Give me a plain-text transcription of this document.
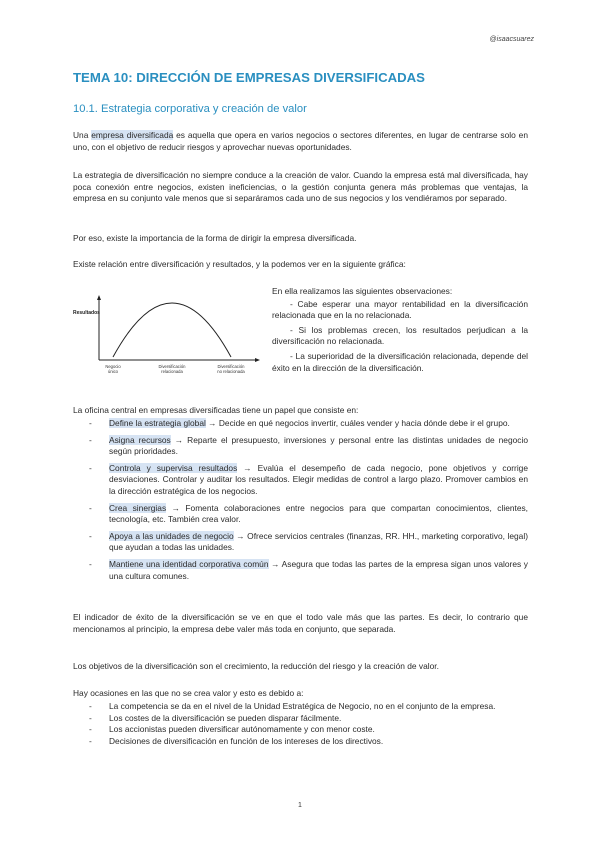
@isaacsuarez
TEMA 10: DIRECCIÓN DE EMPRESAS DIVERSIFICADAS
10.1. Estrategia corporativa y creación de valor

Una empresa diversificada es aquella que opera en varios negocios o sectores diferentes, en lugar de centrarse solo en uno, con el objetivo de reducir riesgos y aprovechar nuevas oportunidades.

La estrategia de diversificación no siempre conduce a la creación de valor. Cuando la empresa está mal diversificada, hay poca conexión entre negocios, existen ineficiencias, o la gestión conjunta genera más problemas que ventajas, la empresa en su conjunto vale menos que si separáramos cada uno de sus negocios y los vendiéramos por separado.

Por eso, existe la importancia de la forma de dirigir la empresa diversificada.

Existe relación entre diversificación y resultados, y la podemos ver en la siguiente gráfica:

Resultados
Negocio único
Diversificación relacionada
Diversificación no relacionada

En ella realizamos las siguientes observaciones:

- Cabe esperar una mayor rentabilidad en la diversificación relacionada que en la no relacionada.

- Si los problemas crecen, los resultados perjudican a la diversificación no relacionada.

- La superioridad de la diversificación relacionada, depende del éxito en la dirección de la diversificación.

La oficina central en empresas diversificadas tiene un papel que consiste en:

- Define la estrategia global → Decide en qué negocios invertir, cuáles vender y hacia dónde debe ir el grupo.
- Asigna recursos → Reparte el presupuesto, inversiones y personal entre las distintas unidades de negocio según prioridades.
- Controla y supervisa resultados → Evalúa el desempeño de cada negocio, pone objetivos y corrige desviaciones. Controlar y auditar los resultados. Elegir medidas de control a largo plazo. Promover cambios en la dirección estratégica de los negocios.
- Crea sinergias → Fomenta colaboraciones entre negocios para que compartan conocimientos, clientes, tecnología, etc. También crea valor.
- Apoya a las unidades de negocio → Ofrece servicios centrales (finanzas, RR. HH., marketing corporativo, legal) que ayudan a todas las unidades.
- Mantiene una identidad corporativa común → Asegura que todas las partes de la empresa sigan unos valores y una cultura comunes.

El indicador de éxito de la diversificación se ve en que el todo vale más que las partes. Es decir, lo contrario que mencionamos al principio, la empresa debe valer más toda en conjunto, que separada.

Los objetivos de la diversificación son el crecimiento, la reducción del riesgo y la creación de valor.

Hay ocasiones en las que no se crea valor y esto es debido a:

- La competencia se da en el nivel de la Unidad Estratégica de Negocio, no en el conjunto de la empresa.
- Los costes de la diversificación se pueden disparar fácilmente.
- Los accionistas pueden diversificar autónomamente y con menor coste.
- Decisiones de diversificación en función de los intereses de los directivos.
1
